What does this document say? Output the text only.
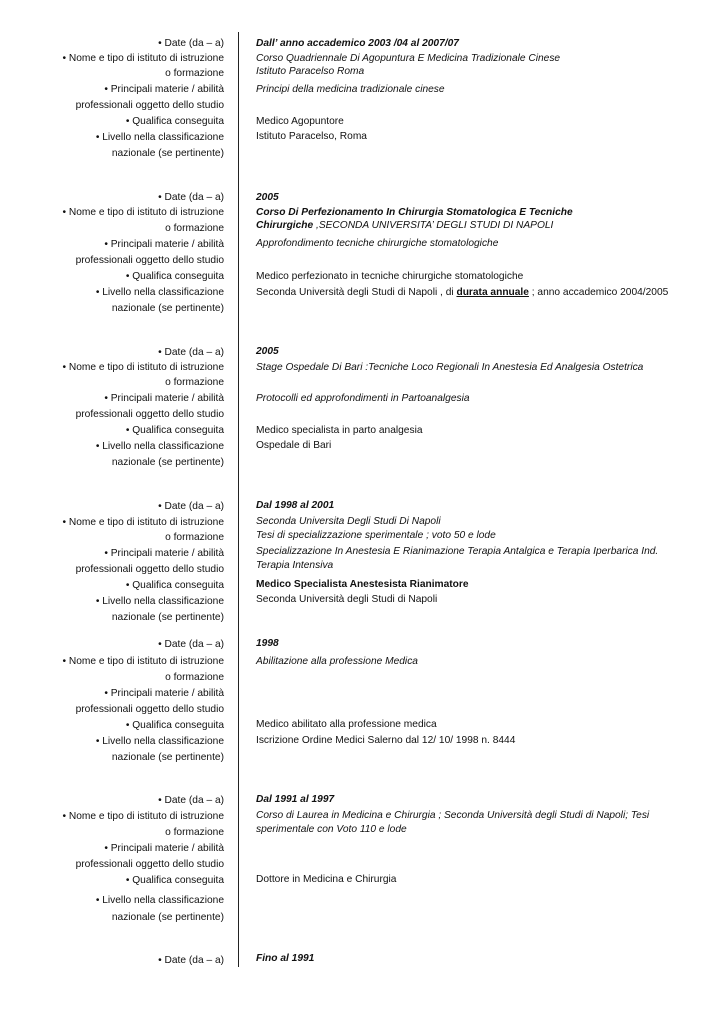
• Date (da – a)
• Nome e tipo di istituto di istruzione
o formazione
• Principali materie / abilità
professionali oggetto dello studio
• Qualifica conseguita
• Livello nella classificazione
nazionale (se pertinente)
Dall’ anno accademico 2003 /04 al 2007/07
Corso Quadriennale Di Agopuntura E Medicina Tradizionale Cinese
Istituto Paracelso Roma
Principi della medicina tradizionale cinese
Medico Agopuntore
Istituto Paracelso, Roma
• Date (da – a)
• Nome e tipo di istituto di istruzione
o formazione
• Principali materie / abilità
professionali oggetto dello studio
• Qualifica conseguita
• Livello nella classificazione
nazionale (se pertinente)
2005
Corso Di Perfezionamento In Chirurgia Stomatologica E Tecniche
Chirurgiche ,SECONDA UNIVERSITA’ DEGLI STUDI DI NAPOLI
Approfondimento tecniche chirurgiche stomatologiche
Medico perfezionato in tecniche chirurgiche stomatologiche
Seconda Università degli Studi di Napoli , di durata annuale ; anno accademico 2004/2005
• Date (da – a)
• Nome e tipo di istituto di istruzione
o formazione
• Principali materie / abilità
professionali oggetto dello studio
• Qualifica conseguita
• Livello nella classificazione
nazionale (se pertinente)
2005
Stage Ospedale Di Bari :Tecniche Loco Regionali In Anestesia Ed Analgesia Ostetrica
Protocolli ed approfondimenti in Partoanalgesia
Medico specialista in parto analgesia
Ospedale di Bari
• Date (da – a)
• Nome e tipo di istituto di istruzione
o formazione
• Principali materie / abilità
professionali oggetto dello studio
• Qualifica conseguita
• Livello nella classificazione
nazionale (se pertinente)
Dal 1998 al 2001
Seconda Universita Degli Studi Di Napoli
Tesi di specializzazione sperimentale ; voto 50 e lode
Specializzazione In Anestesia E Rianimazione Terapia Antalgica e Terapia Iperbarica Ind.
Terapia Intensiva
Medico Specialista Anestesista Rianimatore
Seconda Università degli Studi di Napoli
• Date (da – a)
• Nome e tipo di istituto di istruzione
o formazione
• Principali materie / abilità
professionali oggetto dello studio
• Qualifica conseguita
• Livello nella classificazione
nazionale (se pertinente)
1998
Abilitazione alla professione Medica
Medico abilitato alla professione medica
Iscrizione Ordine Medici Salerno dal 12/ 10/ 1998 n. 8444
• Date (da – a)
• Nome e tipo di istituto di istruzione
o formazione
• Principali materie / abilità
professionali oggetto dello studio
• Qualifica conseguita
• Livello nella classificazione
nazionale (se pertinente)
Dal 1991 al 1997
Corso di Laurea in Medicina e Chirurgia ; Seconda Università degli Studi di Napoli; Tesi
sperimentale con Voto 110 e lode
Dottore in Medicina e Chirurgia
• Date (da – a)	Fino al 1991
